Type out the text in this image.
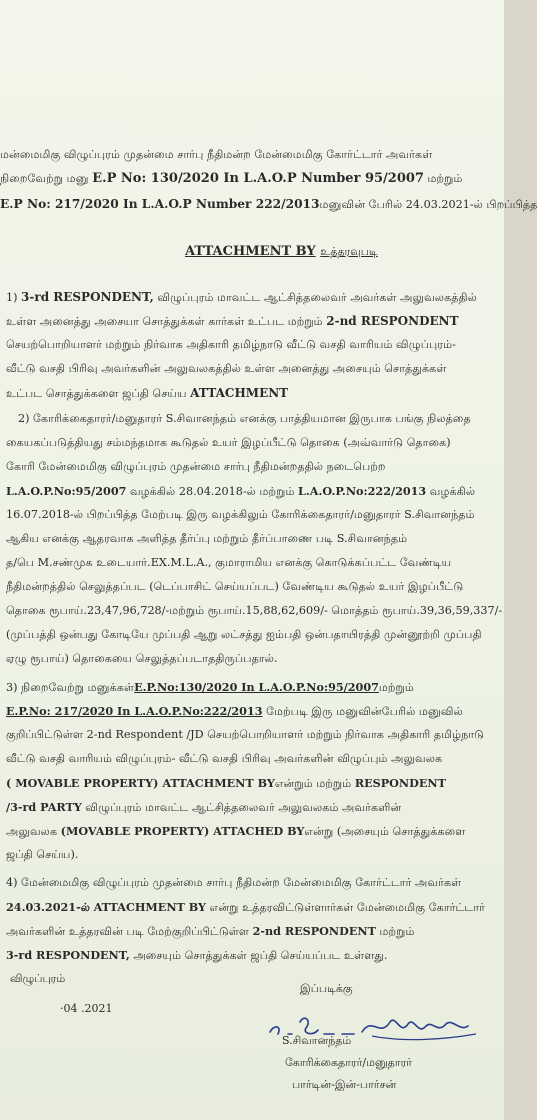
மன்மைமிகு விழுப்புரம் முதன்மை சார்பு நீதிமன்ற மேன்மைமிகு கோர்ட்டார் அவர்கள்
நிறைவேற்று மனு E.P No: 130/2020 In L.A.O.P Number 95/2007 மற்றும்
E.P No: 217/2020 In L.A.O.P Number 222/2013மனுவின் பேரில் 24.03.2021-ல் பிறப்பித்த
ATTACHMENT BY உத்தரவுபடி
1) 3-rd RESPONDENT, விழுப்புரம் மாவட்ட ஆட்சித்தலைவர் அவர்கள் அலுவலகத்தில்
உள்ள அனைத்து அசையா சொத்துக்கள் கார்கள் உட்பட மற்றும் 2-nd RESPONDENT
செயற்பொறியாளர் மற்றும் நிர்வாக அதிகாரி தமிழ்நாடு வீட்டு வசதி வாரியம் விழுப்புரம்-
வீட்டு வசதி பிரிவு அவர்களின் அலுவலகத்தில் உள்ள அனைத்து அசையும் சொத்துக்கள்
உட்பட சொத்துக்களை ஜப்தி செய்ய ATTACHMENT
2) கோரிக்கைதாரர்/மனுதாரர் S.சிவானந்தம் எனக்கு பாத்தியமான இருபாக பங்கு நிலத்தை
கையகப்படுத்தியது சம்மந்தமாக கூடுதல் உயர் இழப்பீட்டு தொகை (அவ்வார்டு தொகை)
கோரி மேன்மைமிகு விழுப்புரம் முதன்மை சார்பு நீதிமன்றததில் நடைபெற்ற
L.A.O.P.No:95/2007 வழக்கில் 28.04.2018-ல் மற்றும் L.A.O.P.No:222/2013 வழக்கில்
16.07.2018-ல் பிறப்பித்த மேற்படி இரு வழக்கிலும் கோரிக்கைதாரர்/மனுதாரர் S.சிவானந்தம்
ஆகிய எனக்கு ஆதரவாக அளித்த தீர்ப்பு மற்றும் தீர்ப்பாணை படி S.சிவானந்தம்
த/பெ M.சண்முக உடையார்.EX.M.L.A., குமாராமிய எனக்கு கொடுக்கப்பட்ட வேண்டிய
நீதிமன்றத்தில் செலுத்தப்பட (டெப்பாசிட் செய்யப்பட) வேண்டிய கூடுதல் உயர் இழப்பீட்டு
தொகை ரூபாய்.23,47,96,728/-மற்றும் ரூபாய்.15,88,62,609/- மொத்தம் ரூபாய்.39,36,59,337/-
(முப்பத்தி ஒன்பது கோடியே முப்பதி ஆறு லட்சத்து ஐம்பதி ஒன்பதாயிரத்தி முன்னூற்றி முப்பதி
ஏழு ரூபாய்) தொகையை செலுத்தப்படாததிருப்பதால்.
3) நிறைவேற்று மனுக்கள்E.P.No:130/2020 In L.A.O.P.No:95/2007மற்றும்
E.P.No: 217/2020 In L.A.O.P.No:222/2013 மேற்படி இரு மனுவின்பேரில் மனுவில்
குறிப்பிட்டுள்ள 2-nd Respondent /JD செயற்பொறியாளர் மற்றும் நிர்வாக அதிகாரி தமிழ்நாடு
வீட்டு வசதி வாரியம் விழுப்புரம்- வீட்டு வசதி பிரிவு அவர்களின் விழுப்பும் அலுவலக
( MOVABLE PROPERTY) ATTACHMENT BYஎன்றும் மற்றும் RESPONDENT
/3-rd PARTY விழுப்புரம் மாவட்ட ஆட்சித்தலைவர் அலுவலகம் அவர்களின்
அலுவலக (MOVABLE PROPERTY) ATTACHED BYஎன்று (அசையும் சொத்துக்களை
ஜப்தி செய்ய).
4) மேன்மைமிகு விழுப்புரம் முதன்மை சார்பு நீதிமன்ற மேன்மைமிகு கோர்ட்டார் அவர்கள்
24.03.2021-ல் ATTACHMENT BY என்று உத்தரவிட்டுள்ளார்கள் மேன்மைமிகு கோர்ட்டார்
அவர்களின் உத்தரவின் படி மேற்குறிப்பிட்டுள்ள 2-nd RESPONDENT மற்றும்
3-rd RESPONDENT, அசையும் சொத்துக்கள் ஜப்தி செய்யப்பட உள்ளது.
விழுப்புரம்
இப்படிக்கு
·04 .2021
S.சிவானந்தம்
கோரிக்கைதாரர்/மனுதாரர்
பார்டின்-இன்-பார்சன்
